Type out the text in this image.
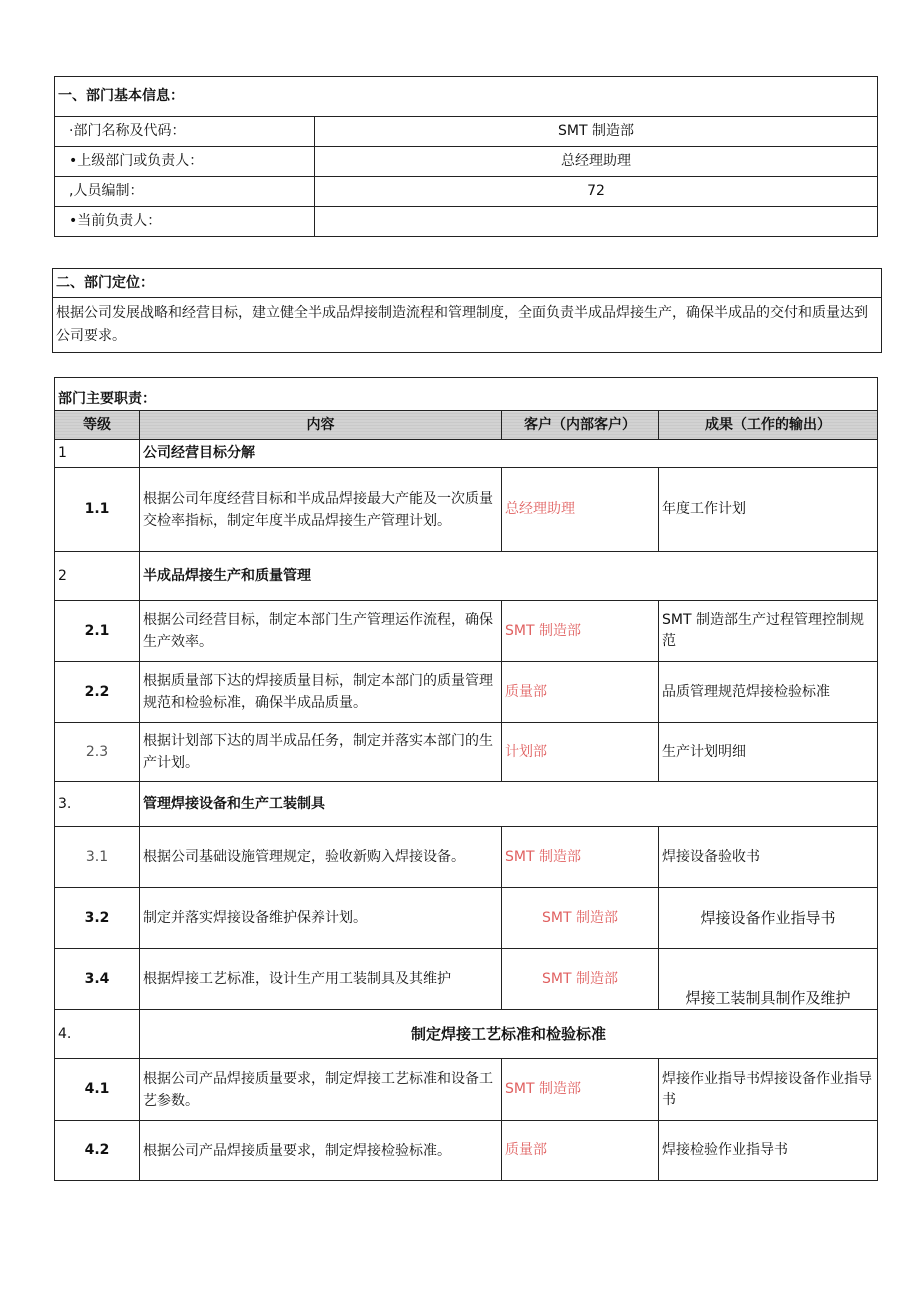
一、部门基本信息：	
·部门名称及代码：	SMT 制造部
•上级部门或负责人：	总经理助理
,人员编制：	72
•当前负责人：	
二、部门定位：
根据公司发展战略和经营目标，建立健全半成品焊接制造流程和管理制度，全面负责半成品焊接生产，确保半成品的交付和质量达到公司要求。
部门主要职责：			
等级	内容	客户（内部客户）	成果（工作的输出）
1	公司经营目标分解		
1.1	根据公司年度经营目标和半成品焊接最大产能及一次质量交检率指标，制定年度半成品焊接生产管理计划。	总经理助理	年度工作计划
2	半成品焊接生产和质量管理		
2.1	根据公司经营目标，制定本部门生产管理运作流程，确保生产效率。	SMT 制造部	SMT 制造部生产过程管理控制规范
2.2	根据质量部下达的焊接质量目标，制定本部门的质量管理规范和检验标准，确保半成品质量。	质量部	品质管理规范焊接检验标准
2.3	根据计划部下达的周半成品任务，制定并落实本部门的生产计划。	计划部	生产计划明细
3.	管理焊接设备和生产工装制具		
3.1	根据公司基础设施管理规定，验收新购入焊接设备。	SMT 制造部	焊接设备验收书
3.2	制定并落实焊接设备维护保养计划。	SMT 制造部	焊接设备作业指导书
3.4	根据焊接工艺标准，设计生产用工装制具及其维护	SMT 制造部	焊接工装制具制作及维护
4.	制定焊接工艺标准和检验标准		
4.1	根据公司产品焊接质量要求，制定焊接工艺标准和设备工艺参数。	SMT 制造部	焊接作业指导书焊接设备作业指导书
4.2	根据公司产品焊接质量要求，制定焊接检验标准。	质量部	焊接检验作业指导书
